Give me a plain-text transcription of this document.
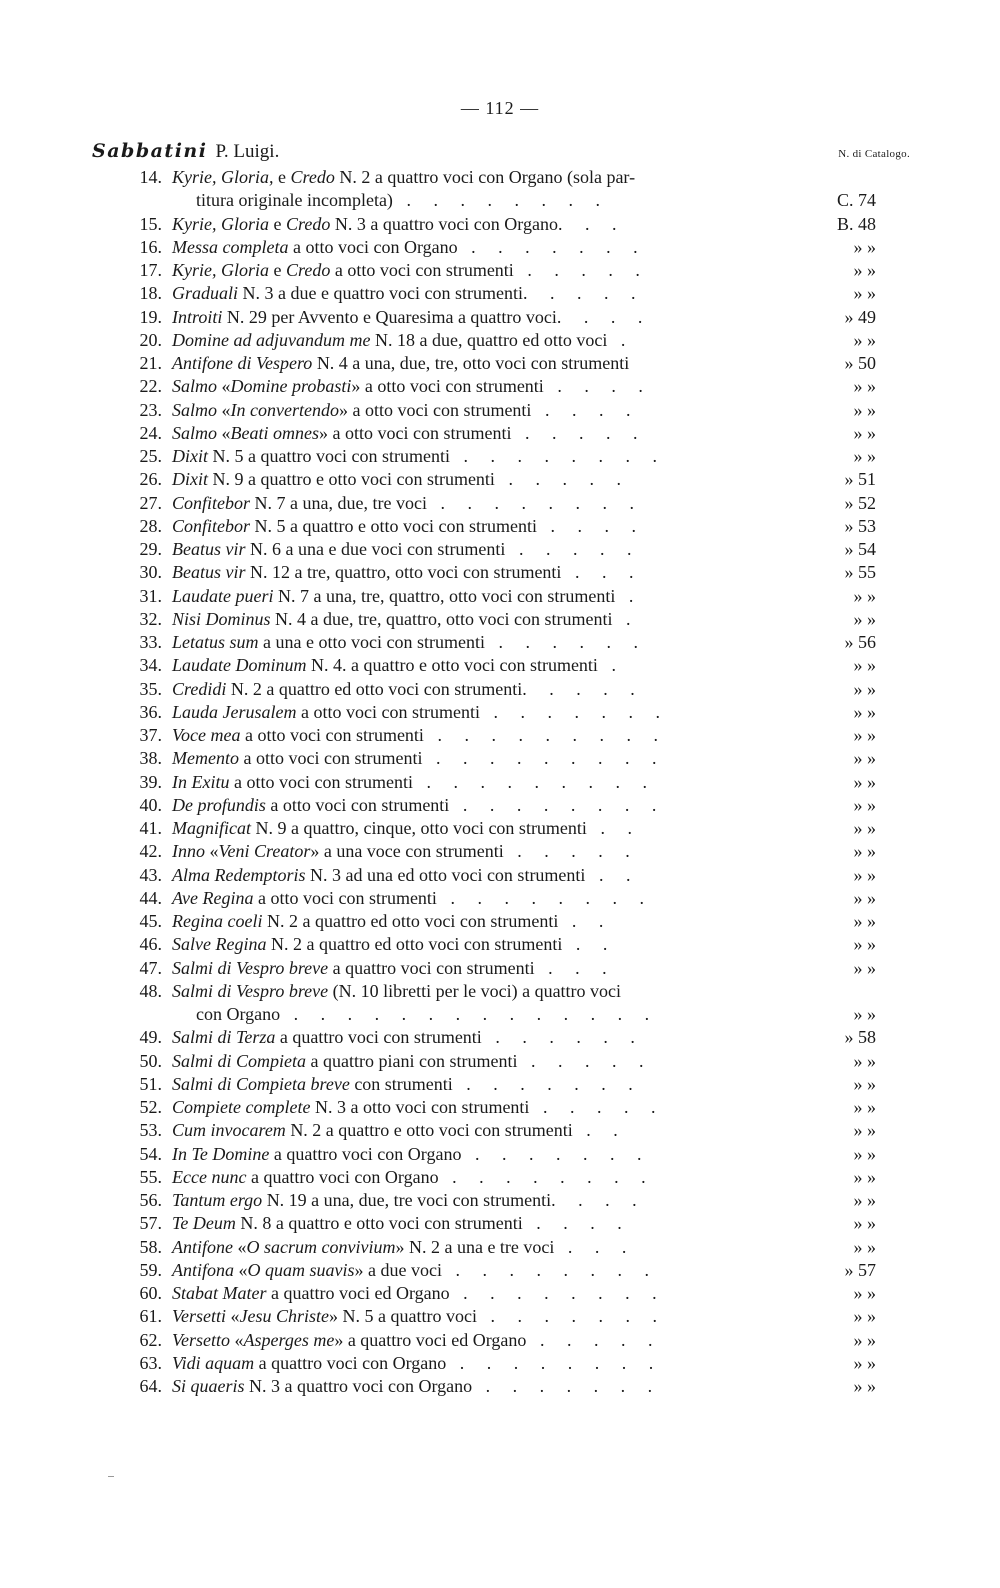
— 112 —
Sabbatini P. Luigi.	N. di Catalogo.
14. Kyrie, Gloria, e Credo N. 2 a quattro voci con Organo (sola par-
titura originale incompleta) . . . . . . . .	C. 74
15. Kyrie, Gloria e Credo N. 3 a quattro voci con Organo. . .	B. 48
16. Messa completa a otto voci con Organo . . . . . . .	» »
17. Kyrie, Gloria e Credo a otto voci con strumenti . . . . .	» »
18. Graduali N. 3 a due e quattro voci con strumenti. . . . .	» »
19. Introiti N. 29 per Avvento e Quaresima a quattro voci. . . .	» 49
20. Domine ad adjuvandum me N. 18 a due, quattro ed otto voci .	» »
21. Antifone di Vespero N. 4 a una, due, tre, otto voci con strumenti	» 50
22. Salmo «Domine probasti» a otto voci con strumenti . . . .	» »
23. Salmo «In convertendo» a otto voci con strumenti . . . .	» »
24. Salmo «Beati omnes» a otto voci con strumenti . . . . .	» »
25. Dixit N. 5 a quattro voci con strumenti . . . . . . . .	» »
26. Dixit N. 9 a quattro e otto voci con strumenti . . . . .	» 51
27. Confitebor N. 7 a una, due, tre voci . . . . . . . .	» 52
28. Confitebor N. 5 a quattro e otto voci con strumenti . . . .	» 53
29. Beatus vir N. 6 a una e due voci con strumenti . . . . .	» 54
30. Beatus vir N. 12 a tre, quattro, otto voci con strumenti . . .	» 55
31. Laudate pueri N. 7 a una, tre, quattro, otto voci con strumenti .	» »
32. Nisi Dominus N. 4 a due, tre, quattro, otto voci con strumenti .	» »
33. Letatus sum a una e otto voci con strumenti . . . . . .	» 56
34. Laudate Dominum N. 4. a quattro e otto voci con strumenti .	» »
35. Credidi N. 2 a quattro ed otto voci con strumenti. . . . .	» »
36. Lauda Jerusalem a otto voci con strumenti . . . . . . .	» »
37. Voce mea a otto voci con strumenti . . . . . . . . .	» »
38. Memento a otto voci con strumenti . . . . . . . . .	» »
39. In Exitu a otto voci con strumenti . . . . . . . . .	» »
40. De profundis a otto voci con strumenti . . . . . . . .	» »
41. Magnificat N. 9 a quattro, cinque, otto voci con strumenti . .	» »
42. Inno «Veni Creator» a una voce con strumenti . . . . .	» »
43. Alma Redemptoris N. 3 ad una ed otto voci con strumenti . .	» »
44. Ave Regina a otto voci con strumenti . . . . . . . .	» »
45. Regina coeli N. 2 a quattro ed otto voci con strumenti . .	» »
46. Salve Regina N. 2 a quattro ed otto voci con strumenti . .	» »
47. Salmi di Vespro breve a quattro voci con strumenti . . .	» »
48. Salmi di Vespro breve (N. 10 libretti per le voci) a quattro voci
con Organo . . . . . . . . . . . . . .	» »
49. Salmi di Terza a quattro voci con strumenti . . . . . .	» 58
50. Salmi di Compieta a quattro piani con strumenti . . . . .	» »
51. Salmi di Compieta breve con strumenti . . . . . . .	» »
52. Compiete complete N. 3 a otto voci con strumenti . . . . .	» »
53. Cum invocarem N. 2 a quattro e otto voci con strumenti . .	» »
54. In Te Domine a quattro voci con Organo . . . . . . .	» »
55. Ecce nunc a quattro voci con Organo . . . . . . . .	» »
56. Tantum ergo N. 19 a una, due, tre voci con strumenti. . . .	» »
57. Te Deum N. 8 a quattro e otto voci con strumenti . . . .	» »
58. Antifone «O sacrum convivium» N. 2 a una e tre voci . . .	» »
59. Antifona «O quam suavis» a due voci . . . . . . . .	» 57
60. Stabat Mater a quattro voci ed Organo . . . . . . . .	» »
61. Versetti «Jesu Christe» N. 5 a quattro voci . . . . . . .	» »
62. Versetto «Asperges me» a quattro voci ed Organo . . . . .	» »
63. Vidi aquam a quattro voci con Organo . . . . . . . .	» »
64. Si quaeris N. 3 a quattro voci con Organo . . . . . . .	» »
